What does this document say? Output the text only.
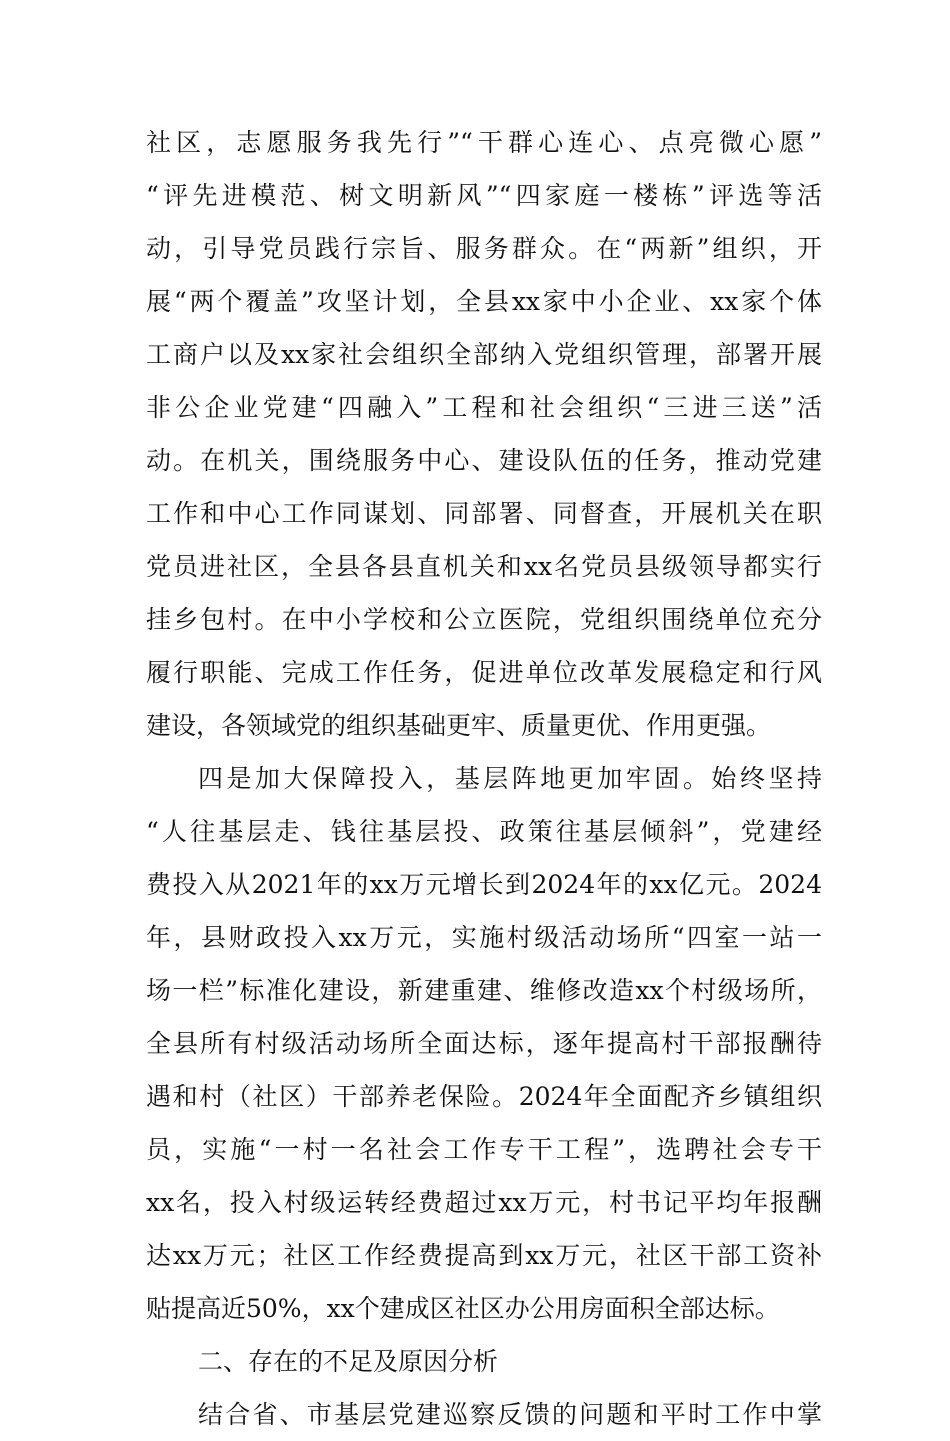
社区，志愿服务我先行”“干群心连心、点亮微心愿”
“评先进模范、树文明新风”“四家庭一楼栋”评选等活
动，引导党员践行宗旨、服务群众。在“两新”组织，开
展“两个覆盖”攻坚计划，全县xx家中小企业、xx家个体
工商户以及xx家社会组织全部纳入党组织管理，部署开展
非公企业党建“四融入”工程和社会组织“三进三送”活
动。在机关，围绕服务中心、建设队伍的任务，推动党建
工作和中心工作同谋划、同部署、同督查，开展机关在职
党员进社区，全县各县直机关和xx名党员县级领导都实行
挂乡包村。在中小学校和公立医院，党组织围绕单位充分
履行职能、完成工作任务，促进单位改革发展稳定和行风
建设，各领域党的组织基础更牢、质量更优、作用更强。
四是加大保障投入，基层阵地更加牢固。始终坚持
“人往基层走、钱往基层投、政策往基层倾斜”，党建经
费投入从2021年的xx万元增长到2024年的xx亿元。2024
年，县财政投入xx万元，实施村级活动场所“四室一站一
场一栏”标准化建设，新建重建、维修改造xx个村级场所，
全县所有村级活动场所全面达标，逐年提高村干部报酬待
遇和村（社区）干部养老保险。2024年全面配齐乡镇组织
员，实施“一村一名社会工作专干工程”，选聘社会专干
xx名，投入村级运转经费超过xx万元，村书记平均年报酬
达xx万元；社区工作经费提高到xx万元，社区干部工资补
贴提高近50%，xx个建成区社区办公用房面积全部达标。
二、存在的不足及原因分析
结合省、市基层党建巡察反馈的问题和平时工作中掌
